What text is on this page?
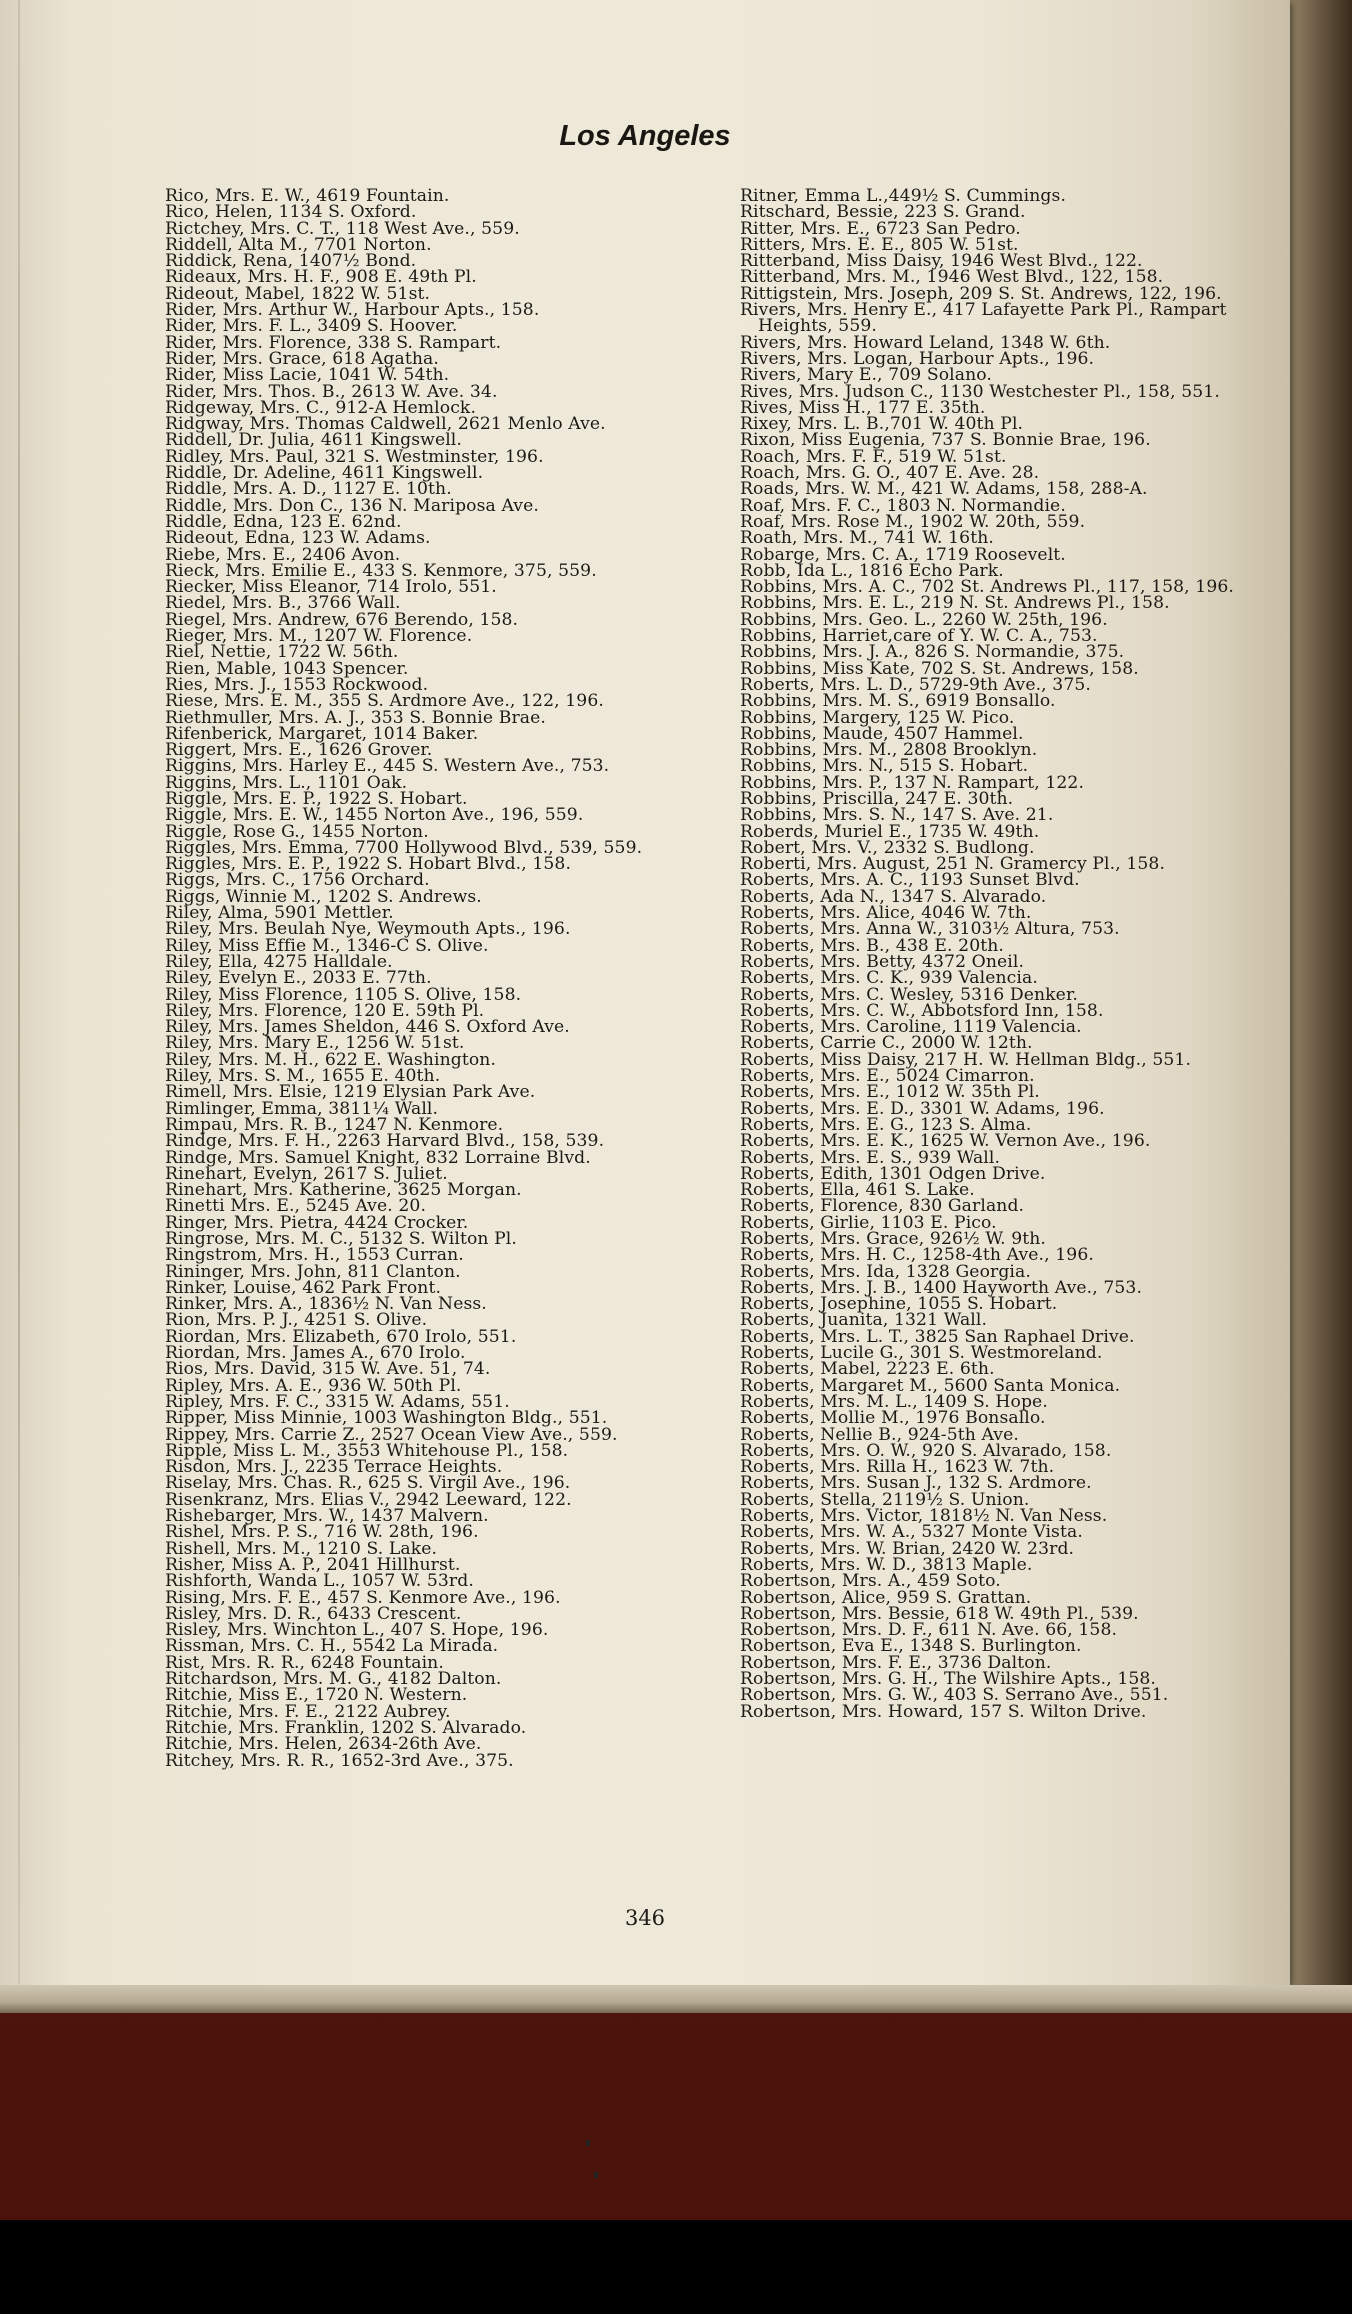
Los Angeles
Rico, Mrs. E. W., 4619 Fountain.
Rico, Helen, 1134 S. Oxford.
Rictchey, Mrs. C. T., 118 West Ave., 559.
Riddell, Alta M., 7701 Norton.
Riddick, Rena, 1407½ Bond.
Rideaux, Mrs. H. F., 908 E. 49th Pl.
Rideout, Mabel, 1822 W. 51st.
Rider, Mrs. Arthur W., Harbour Apts., 158.
Rider, Mrs. F. L., 3409 S. Hoover.
Rider, Mrs. Florence, 338 S. Rampart.
Rider, Mrs. Grace, 618 Agatha.
Rider, Miss Lacie, 1041 W. 54th.
Rider, Mrs. Thos. B., 2613 W. Ave. 34.
Ridgeway, Mrs. C., 912-A Hemlock.
Ridgway, Mrs. Thomas Caldwell, 2621 Menlo Ave.
Riddell, Dr. Julia, 4611 Kingswell.
Ridley, Mrs. Paul, 321 S. Westminster, 196.
Riddle, Dr. Adeline, 4611 Kingswell.
Riddle, Mrs. A. D., 1127 E. 10th.
Riddle, Mrs. Don C., 136 N. Mariposa Ave.
Riddle, Edna, 123 E. 62nd.
Rideout, Edna, 123 W. Adams.
Riebe, Mrs. E., 2406 Avon.
Rieck, Mrs. Emilie E., 433 S. Kenmore, 375, 559.
Riecker, Miss Eleanor, 714 Irolo, 551.
Riedel, Mrs. B., 3766 Wall.
Riegel, Mrs. Andrew, 676 Berendo, 158.
Rieger, Mrs. M., 1207 W. Florence.
Riel, Nettie, 1722 W. 56th.
Rien, Mable, 1043 Spencer.
Ries, Mrs. J., 1553 Rockwood.
Riese, Mrs. E. M., 355 S. Ardmore Ave., 122, 196.
Riethmuller, Mrs. A. J., 353 S. Bonnie Brae.
Rifenberick, Margaret, 1014 Baker.
Riggert, Mrs. E., 1626 Grover.
Riggins, Mrs. Harley E., 445 S. Western Ave., 753.
Riggins, Mrs. L., 1101 Oak.
Riggle, Mrs. E. P., 1922 S. Hobart.
Riggle, Mrs. E. W., 1455 Norton Ave., 196, 559.
Riggle, Rose G., 1455 Norton.
Riggles, Mrs. Emma, 7700 Hollywood Blvd., 539, 559.
Riggles, Mrs. E. P., 1922 S. Hobart Blvd., 158.
Riggs, Mrs. C., 1756 Orchard.
Riggs, Winnie M., 1202 S. Andrews.
Riley, Alma, 5901 Mettler.
Riley, Mrs. Beulah Nye, Weymouth Apts., 196.
Riley, Miss Effie M., 1346-C S. Olive.
Riley, Ella, 4275 Halldale.
Riley, Evelyn E., 2033 E. 77th.
Riley, Miss Florence, 1105 S. Olive, 158.
Riley, Mrs. Florence, 120 E. 59th Pl.
Riley, Mrs. James Sheldon, 446 S. Oxford Ave.
Riley, Mrs. Mary E., 1256 W. 51st.
Riley, Mrs. M. H., 622 E. Washington.
Riley, Mrs. S. M., 1655 E. 40th.
Rimell, Mrs. Elsie, 1219 Elysian Park Ave.
Rimlinger, Emma, 3811¼ Wall.
Rimpau, Mrs. R. B., 1247 N. Kenmore.
Rindge, Mrs. F. H., 2263 Harvard Blvd., 158, 539.
Rindge, Mrs. Samuel Knight, 832 Lorraine Blvd.
Rinehart, Evelyn, 2617 S. Juliet.
Rinehart, Mrs. Katherine, 3625 Morgan.
Rinetti Mrs. E., 5245 Ave. 20.
Ringer, Mrs. Pietra, 4424 Crocker.
Ringrose, Mrs. M. C., 5132 S. Wilton Pl.
Ringstrom, Mrs. H., 1553 Curran.
Rininger, Mrs. John, 811 Clanton.
Rinker, Louise, 462 Park Front.
Rinker, Mrs. A., 1836½ N. Van Ness.
Rion, Mrs. P. J., 4251 S. Olive.
Riordan, Mrs. Elizabeth, 670 Irolo, 551.
Riordan, Mrs. James A., 670 Irolo.
Rios, Mrs. David, 315 W. Ave. 51, 74.
Ripley, Mrs. A. E., 936 W. 50th Pl.
Ripley, Mrs. F. C., 3315 W. Adams, 551.
Ripper, Miss Minnie, 1003 Washington Bldg., 551.
Rippey, Mrs. Carrie Z., 2527 Ocean View Ave., 559.
Ripple, Miss L. M., 3553 Whitehouse Pl., 158.
Risdon, Mrs. J., 2235 Terrace Heights.
Riselay, Mrs. Chas. R., 625 S. Virgil Ave., 196.
Risenkranz, Mrs. Elias V., 2942 Leeward, 122.
Rishebarger, Mrs. W., 1437 Malvern.
Rishel, Mrs. P. S., 716 W. 28th, 196.
Rishell, Mrs. M., 1210 S. Lake.
Risher, Miss A. P., 2041 Hillhurst.
Rishforth, Wanda L., 1057 W. 53rd.
Rising, Mrs. F. E., 457 S. Kenmore Ave., 196.
Risley, Mrs. D. R., 6433 Crescent.
Risley, Mrs. Winchton L., 407 S. Hope, 196.
Rissman, Mrs. C. H., 5542 La Mirada.
Rist, Mrs. R. R., 6248 Fountain.
Ritchardson, Mrs. M. G., 4182 Dalton.
Ritchie, Miss E., 1720 N. Western.
Ritchie, Mrs. F. E., 2122 Aubrey.
Ritchie, Mrs. Franklin, 1202 S. Alvarado.
Ritchie, Mrs. Helen, 2634-26th Ave.
Ritchey, Mrs. R. R., 1652-3rd Ave., 375.
Ritner, Emma L.,449½ S. Cummings.
Ritschard, Bessie, 223 S. Grand.
Ritter, Mrs. E., 6723 San Pedro.
Ritters, Mrs. E. E., 805 W. 51st.
Ritterband, Miss Daisy, 1946 West Blvd., 122.
Ritterband, Mrs. M., 1946 West Blvd., 122, 158.
Rittigstein, Mrs. Joseph, 209 S. St. Andrews, 122, 196.
Rivers, Mrs. Henry E., 417 Lafayette Park Pl., Rampart Heights, 559.
Rivers, Mrs. Howard Leland, 1348 W. 6th.
Rivers, Mrs. Logan, Harbour Apts., 196.
Rivers, Mary E., 709 Solano.
Rives, Mrs. Judson C., 1130 Westchester Pl., 158, 551.
Rives, Miss H., 177 E. 35th.
Rixey, Mrs. L. B.,701 W. 40th Pl.
Rixon, Miss Eugenia, 737 S. Bonnie Brae, 196.
Roach, Mrs. F. F., 519 W. 51st.
Roach, Mrs. G. O., 407 E. Ave. 28.
Roads, Mrs. W. M., 421 W. Adams, 158, 288-A.
Roaf, Mrs. F. C., 1803 N. Normandie.
Roaf, Mrs. Rose M., 1902 W. 20th, 559.
Roath, Mrs. M., 741 W. 16th.
Robarge, Mrs. C. A., 1719 Roosevelt.
Robb, Ida L., 1816 Echo Park.
Robbins, Mrs. A. C., 702 St. Andrews Pl., 117, 158, 196.
Robbins, Mrs. E. L., 219 N. St. Andrews Pl., 158.
Robbins, Mrs. Geo. L., 2260 W. 25th, 196.
Robbins, Harriet,care of Y. W. C. A., 753.
Robbins, Mrs. J. A., 826 S. Normandie, 375.
Robbins, Miss Kate, 702 S. St. Andrews, 158.
Roberts, Mrs. L. D., 5729-9th Ave., 375.
Robbins, Mrs. M. S., 6919 Bonsallo.
Robbins, Margery, 125 W. Pico.
Robbins, Maude, 4507 Hammel.
Robbins, Mrs. M., 2808 Brooklyn.
Robbins, Mrs. N., 515 S. Hobart.
Robbins, Mrs. P., 137 N. Rampart, 122.
Robbins, Priscilla, 247 E. 30th.
Robbins, Mrs. S. N., 147 S. Ave. 21.
Roberds, Muriel E., 1735 W. 49th.
Robert, Mrs. V., 2332 S. Budlong.
Roberti, Mrs. August, 251 N. Gramercy Pl., 158.
Roberts, Mrs. A. C., 1193 Sunset Blvd.
Roberts, Ada N., 1347 S. Alvarado.
Roberts, Mrs. Alice, 4046 W. 7th.
Roberts, Mrs. Anna W., 3103½ Altura, 753.
Roberts, Mrs. B., 438 E. 20th.
Roberts, Mrs. Betty, 4372 Oneil.
Roberts, Mrs. C. K., 939 Valencia.
Roberts, Mrs. C. Wesley, 5316 Denker.
Roberts, Mrs. C. W., Abbotsford Inn, 158.
Roberts, Mrs. Caroline, 1119 Valencia.
Roberts, Carrie C., 2000 W. 12th.
Roberts, Miss Daisy, 217 H. W. Hellman Bldg., 551.
Roberts, Mrs. E., 5024 Cimarron.
Roberts, Mrs. E., 1012 W. 35th Pl.
Roberts, Mrs. E. D., 3301 W. Adams, 196.
Roberts, Mrs. E. G., 123 S. Alma.
Roberts, Mrs. E. K., 1625 W. Vernon Ave., 196.
Roberts, Mrs. E. S., 939 Wall.
Roberts, Edith, 1301 Odgen Drive.
Roberts, Ella, 461 S. Lake.
Roberts, Florence, 830 Garland.
Roberts, Girlie, 1103 E. Pico.
Roberts, Mrs. Grace, 926½ W. 9th.
Roberts, Mrs. H. C., 1258-4th Ave., 196.
Roberts, Mrs. Ida, 1328 Georgia.
Roberts, Mrs. J. B., 1400 Hayworth Ave., 753.
Roberts, Josephine, 1055 S. Hobart.
Roberts, Juanita, 1321 Wall.
Roberts, Mrs. L. T., 3825 San Raphael Drive.
Roberts, Lucile G., 301 S. Westmoreland.
Roberts, Mabel, 2223 E. 6th.
Roberts, Margaret M., 5600 Santa Monica.
Roberts, Mrs. M. L., 1409 S. Hope.
Roberts, Mollie M., 1976 Bonsallo.
Roberts, Nellie B., 924-5th Ave.
Roberts, Mrs. O. W., 920 S. Alvarado, 158.
Roberts, Mrs. Rilla H., 1623 W. 7th.
Roberts, Mrs. Susan J., 132 S. Ardmore.
Roberts, Stella, 2119½ S. Union.
Roberts, Mrs. Victor, 1818½ N. Van Ness.
Roberts, Mrs. W. A., 5327 Monte Vista.
Roberts, Mrs. W. Brian, 2420 W. 23rd.
Roberts, Mrs. W. D., 3813 Maple.
Robertson, Mrs. A., 459 Soto.
Robertson, Alice, 959 S. Grattan.
Robertson, Mrs. Bessie, 618 W. 49th Pl., 539.
Robertson, Mrs. D. F., 611 N. Ave. 66, 158.
Robertson, Eva E., 1348 S. Burlington.
Robertson, Mrs. F. E., 3736 Dalton.
Robertson, Mrs. G. H., The Wilshire Apts., 158.
Robertson, Mrs. G. W., 403 S. Serrano Ave., 551.
Robertson, Mrs. Howard, 157 S. Wilton Drive.
346
